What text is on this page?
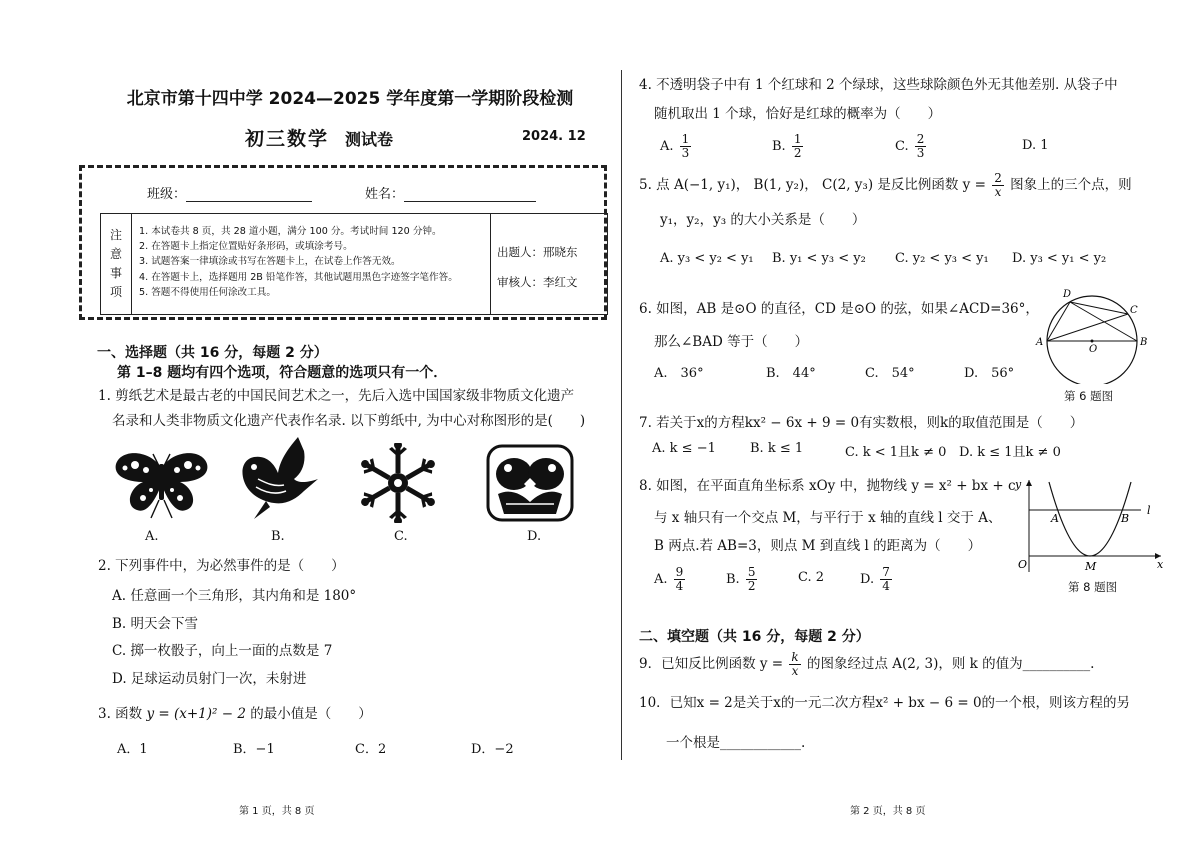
北京市第十四中学 2024—2025 学年度第一学期阶段检测
初三数学 测试卷	2024. 12
班级：	姓名：
注
意
事
项
1. 本试卷共 8 页，共 28 道小题，满分 100 分。考试时间 120 分钟。
2. 在答题卡上指定位置贴好条形码，或填涂考号。
3. 试题答案一律填涂或书写在答题卡上，在试卷上作答无效。
4. 在答题卡上，选择题用 2B 铅笔作答，其他试题用黑色字迹签字笔作答。
5. 答题不得使用任何涂改工具。
出题人：邢晓东
审核人：李红文
一、选择题（共 16 分，每题 2 分）
第 1–8 题均有四个选项，符合题意的选项只有一个．
1. 剪纸艺术是最古老的中国民间艺术之一，先后入选中国国家级非物质文化遗产
名录和人类非物质文化遗产代表作名录. 以下剪纸中, 为中心对称图形的是(　　)
A.	B.	C.	D.
2. 下列事件中，为必然事件的是（　　）
A. 任意画一个三角形，其内角和是 180°
B. 明天会下雪
C. 掷一枚骰子，向上一面的点数是 7
D. 足球运动员射门一次，未射进
3. 函数 y = (x+1)² − 2 的最小值是（　　）
A．1	B．−1	C．2	D．−2
第 1 页，共 8 页
4. 不透明袋子中有 1 个红球和 2 个绿球，这些球除颜色外无其他差别. 从袋子中
随机取出 1 个球，恰好是红球的概率为（　　）
A. $\frac{1}{3}$	B. $\frac{1}{2}$	C. $\frac{2}{3}$	D. 1
5. 点 A(−1, y₁)， B(1, y₂)， C(2, y₃) 是反比例函数 $y = \frac{2}{x}$ 图象上的三个点，则
y₁，y₂，y₃ 的大小关系是（　　）
A. y₃ < y₂ < y₁ B. y₁ < y₃ < y₂ C. y₂ < y₃ < y₁ D. y₃ < y₁ < y₂
6. 如图，AB 是⊙O 的直径，CD 是⊙O 的弦，如果∠ACD=36°，
那么∠BAD 等于（　　）
A.　36°	B.　44°	C.　54°	D.　56°
D
C
A
O
B
第 6 题图
7. 若关于x的方程kx² − 6x + 9 = 0有实数根，则k的取值范围是（　　）
A. k ≤ −1	B. k ≤ 1	C. k < 1且k ≠ 0 D. k ≤ 1且k ≠ 0
8. 如图，在平面直角坐标系 xOy 中，抛物线 y = x² + bx + c
与 x 轴只有一个交点 M，与平行于 x 轴的直线 l 交于 A、
B 两点.若 AB=3，则点 M 到直线 l 的距离为（　　）
A. $\frac{9}{4}$	B. $\frac{5}{2}$	C. 2	D. $\frac{7}{4}$
y
l
A	B
O	M	x
第 8 题图
二、填空题（共 16 分，每题 2 分）
9．已知反比例函数 $y = \frac{k}{x}$ 的图象经过点 A(2, 3)，则 k 的值为__________.
10．已知x = 2是关于x的一元二次方程x² + bx − 6 = 0的一个根，则该方程的另
一个根是____________.
第 2 页，共 8 页
